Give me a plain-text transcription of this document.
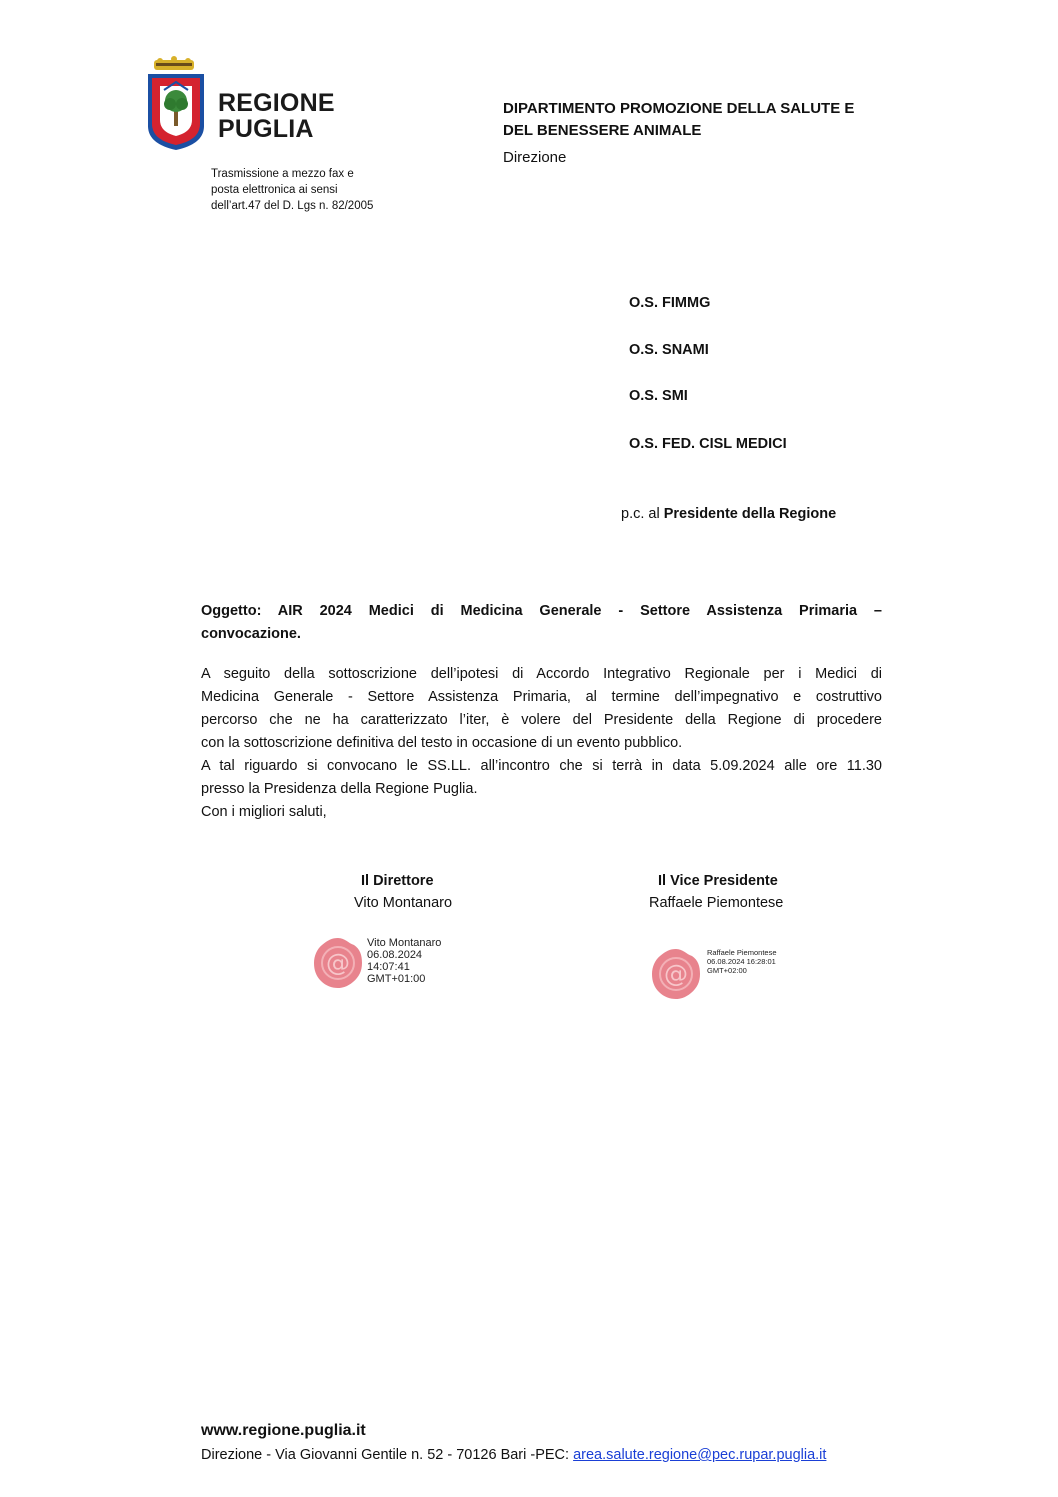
REGIONE
PUGLIA
DIPARTIMENTO PROMOZIONE DELLA SALUTE E
DEL BENESSERE ANIMALE
Direzione
Trasmissione a mezzo fax e
posta elettronica ai sensi
dell’art.47 del D. Lgs n. 82/2005
O.S. FIMMG
O.S. SNAMI
O.S. SMI
O.S. FED. CISL MEDICI
p.c. al Presidente della Regione
Oggetto: AIR 2024 Medici di Medicina Generale - Settore Assistenza Primaria –
convocazione.
A seguito della sottoscrizione dell’ipotesi di Accordo Integrativo Regionale per i Medici di
Medicina Generale - Settore Assistenza Primaria, al termine dell’impegnativo e costruttivo
percorso che ne ha caratterizzato l’iter, è volere del Presidente della Regione di procedere
con la sottoscrizione definitiva del testo in occasione di un evento pubblico.
A tal riguardo si convocano le SS.LL. all’incontro che si terrà in data 5.09.2024 alle ore 11.30
presso la Presidenza della Regione Puglia.
Con i migliori saluti,
Il Direttore
Vito Montanaro
@
Vito Montanaro
06.08.2024
14:07:41
GMT+01:00
Il Vice Presidente
Raffaele Piemontese
@
Raffaele Piemontese
06.08.2024 16:28:01
GMT+02:00
www.regione.puglia.it
Direzione - Via Giovanni Gentile n. 52 - 70126 Bari -PEC: area.salute.regione@pec.rupar.puglia.it
